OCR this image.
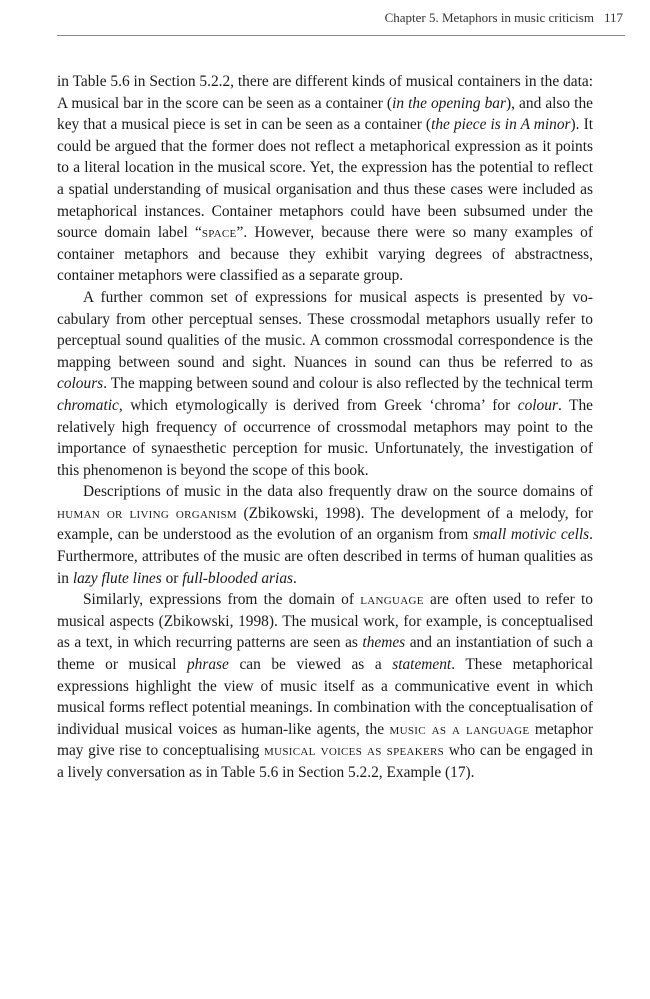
Chapter 5. Metaphors in music criticism 117

in Table 5.6 in Section 5.2.2, there are different kinds of musical containers in the data: A musical bar in the score can be seen as a container (in the opening bar), and also the key that a musical piece is set in can be seen as a container (the piece is in A minor). It could be argued that the former does not reflect a metaphorical expression as it points to a literal location in the musical score. Yet, the expression has the potential to reflect a spatial understanding of musical organisation and thus these cases were included as metaphorical instances. Container metaphors could have been subsumed under the source domain label “space”. However, because there were so many examples of container metaphors and because they exhibit varying degrees of abstractness, container metaphors were classified as a separate group.

A further common set of expressions for musical aspects is presented by vocabulary from other perceptual senses. These crossmodal metaphors usually refer to perceptual sound qualities of the music. A common crossmodal correspondence is the mapping between sound and sight. Nuances in sound can thus be referred to as colours. The mapping between sound and colour is also reflected by the technical term chromatic, which etymologically is derived from Greek ‘chroma’ for colour. The relatively high frequency of occurrence of crossmodal metaphors may point to the importance of synaesthetic perception for music. Unfortunately, the investigation of this phenomenon is beyond the scope of this book.

Descriptions of music in the data also frequently draw on the source domains of human or living organism (Zbikowski, 1998). The development of a melody, for example, can be understood as the evolution of an organism from small motivic cells. Furthermore, attributes of the music are often described in terms of human qualities as in lazy flute lines or full-blooded arias.

Similarly, expressions from the domain of language are often used to refer to musical aspects (Zbikowski, 1998). The musical work, for example, is conceptualised as a text, in which recurring patterns are seen as themes and an instantiation of such a theme or musical phrase can be viewed as a statement. These metaphorical expressions highlight the view of music itself as a communicative event in which musical forms reflect potential meanings. In combination with the conceptualisation of individual musical voices as human-like agents, the music as a language metaphor may give rise to conceptualising musical voices as speakers who can be engaged in a lively conversation as in Table 5.6 in Section 5.2.2, Example (17).
